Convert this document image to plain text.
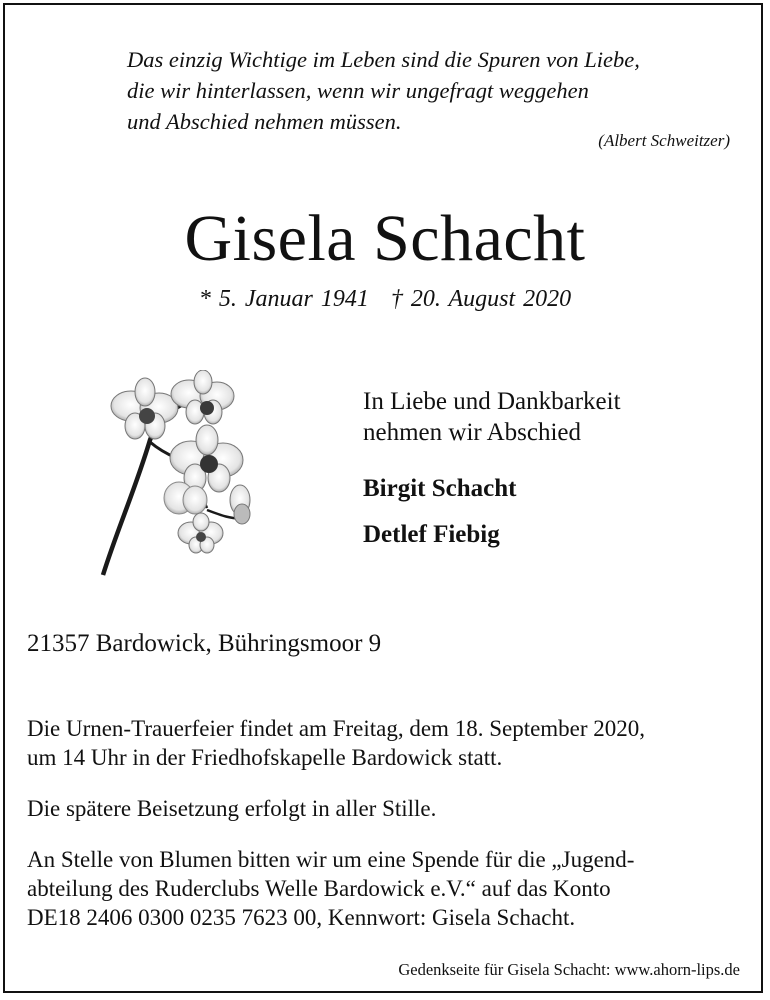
Das einzig Wichtige im Leben sind die Spuren von Liebe,
die wir hinterlassen, wenn wir ungefragt weggehen
und Abschied nehmen müssen.
(Albert Schweitzer)
Gisela Schacht
* 5. Januar 1941 † 20. August 2020
In Liebe und Dankbarkeit
nehmen wir Abschied
Birgit Schacht
Detlef Fiebig
21357 Bardowick, Bühringsmoor 9
Die Urnen-Trauerfeier findet am Freitag, dem 18. September 2020,
um 14 Uhr in der Friedhofskapelle Bardowick statt.
Die spätere Beisetzung erfolgt in aller Stille.
An Stelle von Blumen bitten wir um eine Spende für die „Jugend-
abteilung des Ruderclubs Welle Bardowick e.V.“ auf das Konto
DE18 2406 0300 0235 7623 00, Kennwort: Gisela Schacht.
Gedenkseite für Gisela Schacht: www.ahorn-lips.de
